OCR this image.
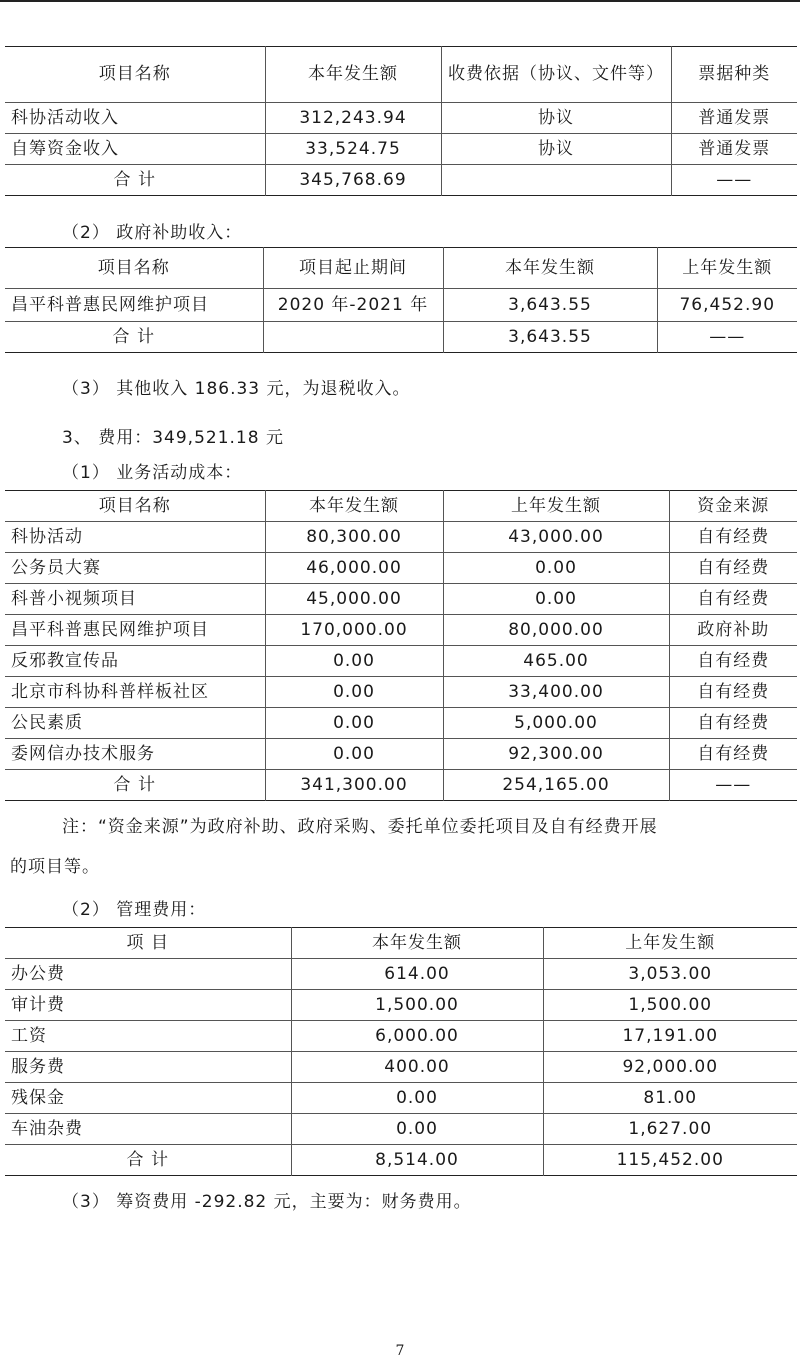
项目名称	本年发生额	收费依据（协议、文件等）	票据种类
科协活动收入	312,243.94	协议	普通发票
自筹资金收入	33,524.75	协议	普通发票
合 计	345,768.69		——

（2） 政府补助收入：

项目名称	项目起止期间	本年发生额	上年发生额
昌平科普惠民网维护项目	2020 年-2021 年	3,643.55	76,452.90
合 计		3,643.55	——

（3） 其他收入 186.33 元，为退税收入。

3、 费用：349,521.18 元

（1） 业务活动成本：

项目名称	本年发生额	上年发生额	资金来源
科协活动	80,300.00	43,000.00	自有经费
公务员大赛	46,000.00	0.00	自有经费
科普小视频项目	45,000.00	0.00	自有经费
昌平科普惠民网维护项目	170,000.00	80,000.00	政府补助
反邪教宣传品	0.00	465.00	自有经费
北京市科协科普样板社区	0.00	33,400.00	自有经费
公民素质	0.00	5,000.00	自有经费
委网信办技术服务	0.00	92,300.00	自有经费
合 计	341,300.00	254,165.00	——

注：“资金来源”为政府补助、政府采购、委托单位委托项目及自有经费开展

的项目等。

（2） 管理费用：

项 目	本年发生额	上年发生额
办公费	614.00	3,053.00
审计费	1,500.00	1,500.00
工资	6,000.00	17,191.00
服务费	400.00	92,000.00
残保金	0.00	81.00
车油杂费	0.00	1,627.00
合 计	8,514.00	115,452.00

（3） 筹资费用 -292.82 元，主要为：财务费用。

7
